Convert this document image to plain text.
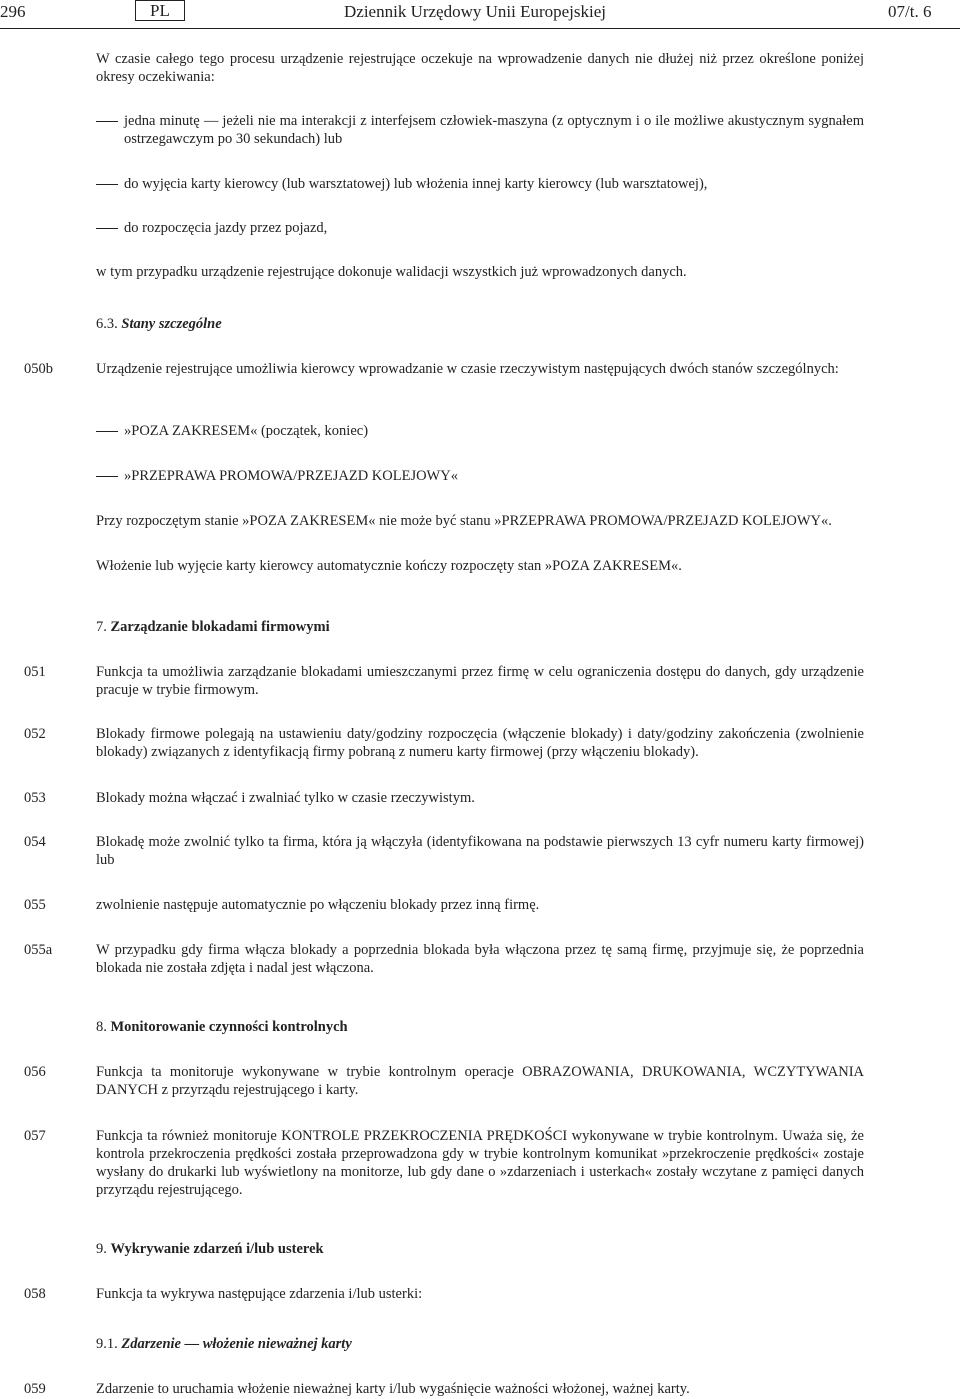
296	PL	Dziennik Urzędowy Unii Europejskiej	07/t. 6
W czasie całego tego procesu urządzenie rejestrujące oczekuje na wprowadzenie danych nie dłużej niż przez określone poniżej okresy oczekiwania:
jedna minutę — jeżeli nie ma interakcji z interfejsem człowiek-maszyna (z optycznym i o ile możliwe akustycznym sygnałem ostrzegawczym po 30 sekundach) lub
do wyjęcia karty kierowcy (lub warsztatowej) lub włożenia innej karty kierowcy (lub warsztatowej),
do rozpoczęcia jazdy przez pojazd,
w tym przypadku urządzenie rejestrujące dokonuje walidacji wszystkich już wprowadzonych danych.
6.3. Stany szczególne
050b	Urządzenie rejestrujące umożliwia kierowcy wprowadzanie w czasie rzeczywistym następujących dwóch stanów szczególnych:
»POZA ZAKRESEM« (początek, koniec)
»PRZEPRAWA PROMOWA/PRZEJAZD KOLEJOWY«
Przy rozpoczętym stanie »POZA ZAKRESEM« nie może być stanu »PRZEPRAWA PROMOWA/PRZEJAZD KOLEJOWY«.
Włożenie lub wyjęcie karty kierowcy automatycznie kończy rozpoczęty stan »POZA ZAKRESEM«.
7. Zarządzanie blokadami firmowymi
051	Funkcja ta umożliwia zarządzanie blokadami umieszczanymi przez firmę w celu ograniczenia dostępu do danych, gdy urządzenie pracuje w trybie firmowym.
052	Blokady firmowe polegają na ustawieniu daty/godziny rozpoczęcia (włączenie blokady) i daty/godziny zakończenia (zwolnienie blokady) związanych z identyfikacją firmy pobraną z numeru karty firmowej (przy włączeniu blokady).
053	Blokady można włączać i zwalniać tylko w czasie rzeczywistym.
054	Blokadę może zwolnić tylko ta firma, która ją włączyła (identyfikowana na podstawie pierwszych 13 cyfr numeru karty firmowej) lub
055	zwolnienie następuje automatycznie po włączeniu blokady przez inną firmę.
055a	W przypadku gdy firma włącza blokady a poprzednia blokada była włączona przez tę samą firmę, przyjmuje się, że poprzednia blokada nie została zdjęta i nadal jest włączona.
8. Monitorowanie czynności kontrolnych
056	Funkcja ta monitoruje wykonywane w trybie kontrolnym operacje OBRAZOWANIA, DRUKOWANIA, WCZYTYWANIA DANYCH z przyrządu rejestrującego i karty.
057	Funkcja ta również monitoruje KONTROLE PRZEKROCZENIA PRĘDKOŚCI wykonywane w trybie kontrolnym. Uważa się, że kontrola przekroczenia prędkości została przeprowadzona gdy w trybie kontrolnym komunikat »przekroczenie prędkości« zostaje wysłany do drukarki lub wyświetlony na monitorze, lub gdy dane o »zdarzeniach i usterkach« zostały wczytane z pamięci danych przyrządu rejestrującego.
9. Wykrywanie zdarzeń i/lub usterek
058	Funkcja ta wykrywa następujące zdarzenia i/lub usterki:
9.1. Zdarzenie — włożenie nieważnej karty
059	Zdarzenie to uruchamia włożenie nieważnej karty i/lub wygaśnięcie ważności włożonej, ważnej karty.
